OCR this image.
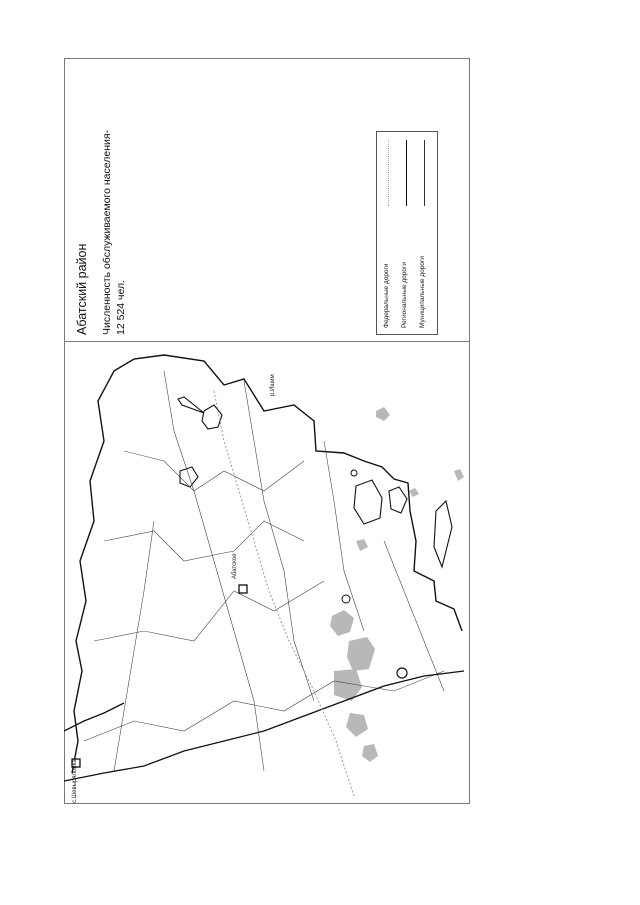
Абатский район Численность обслуживаемого населения- 12 524 чел.	Федеральные дороги Региональные дороги Муниципальные дороги
р.Ишим
Абатское
с.Шевыряловка
